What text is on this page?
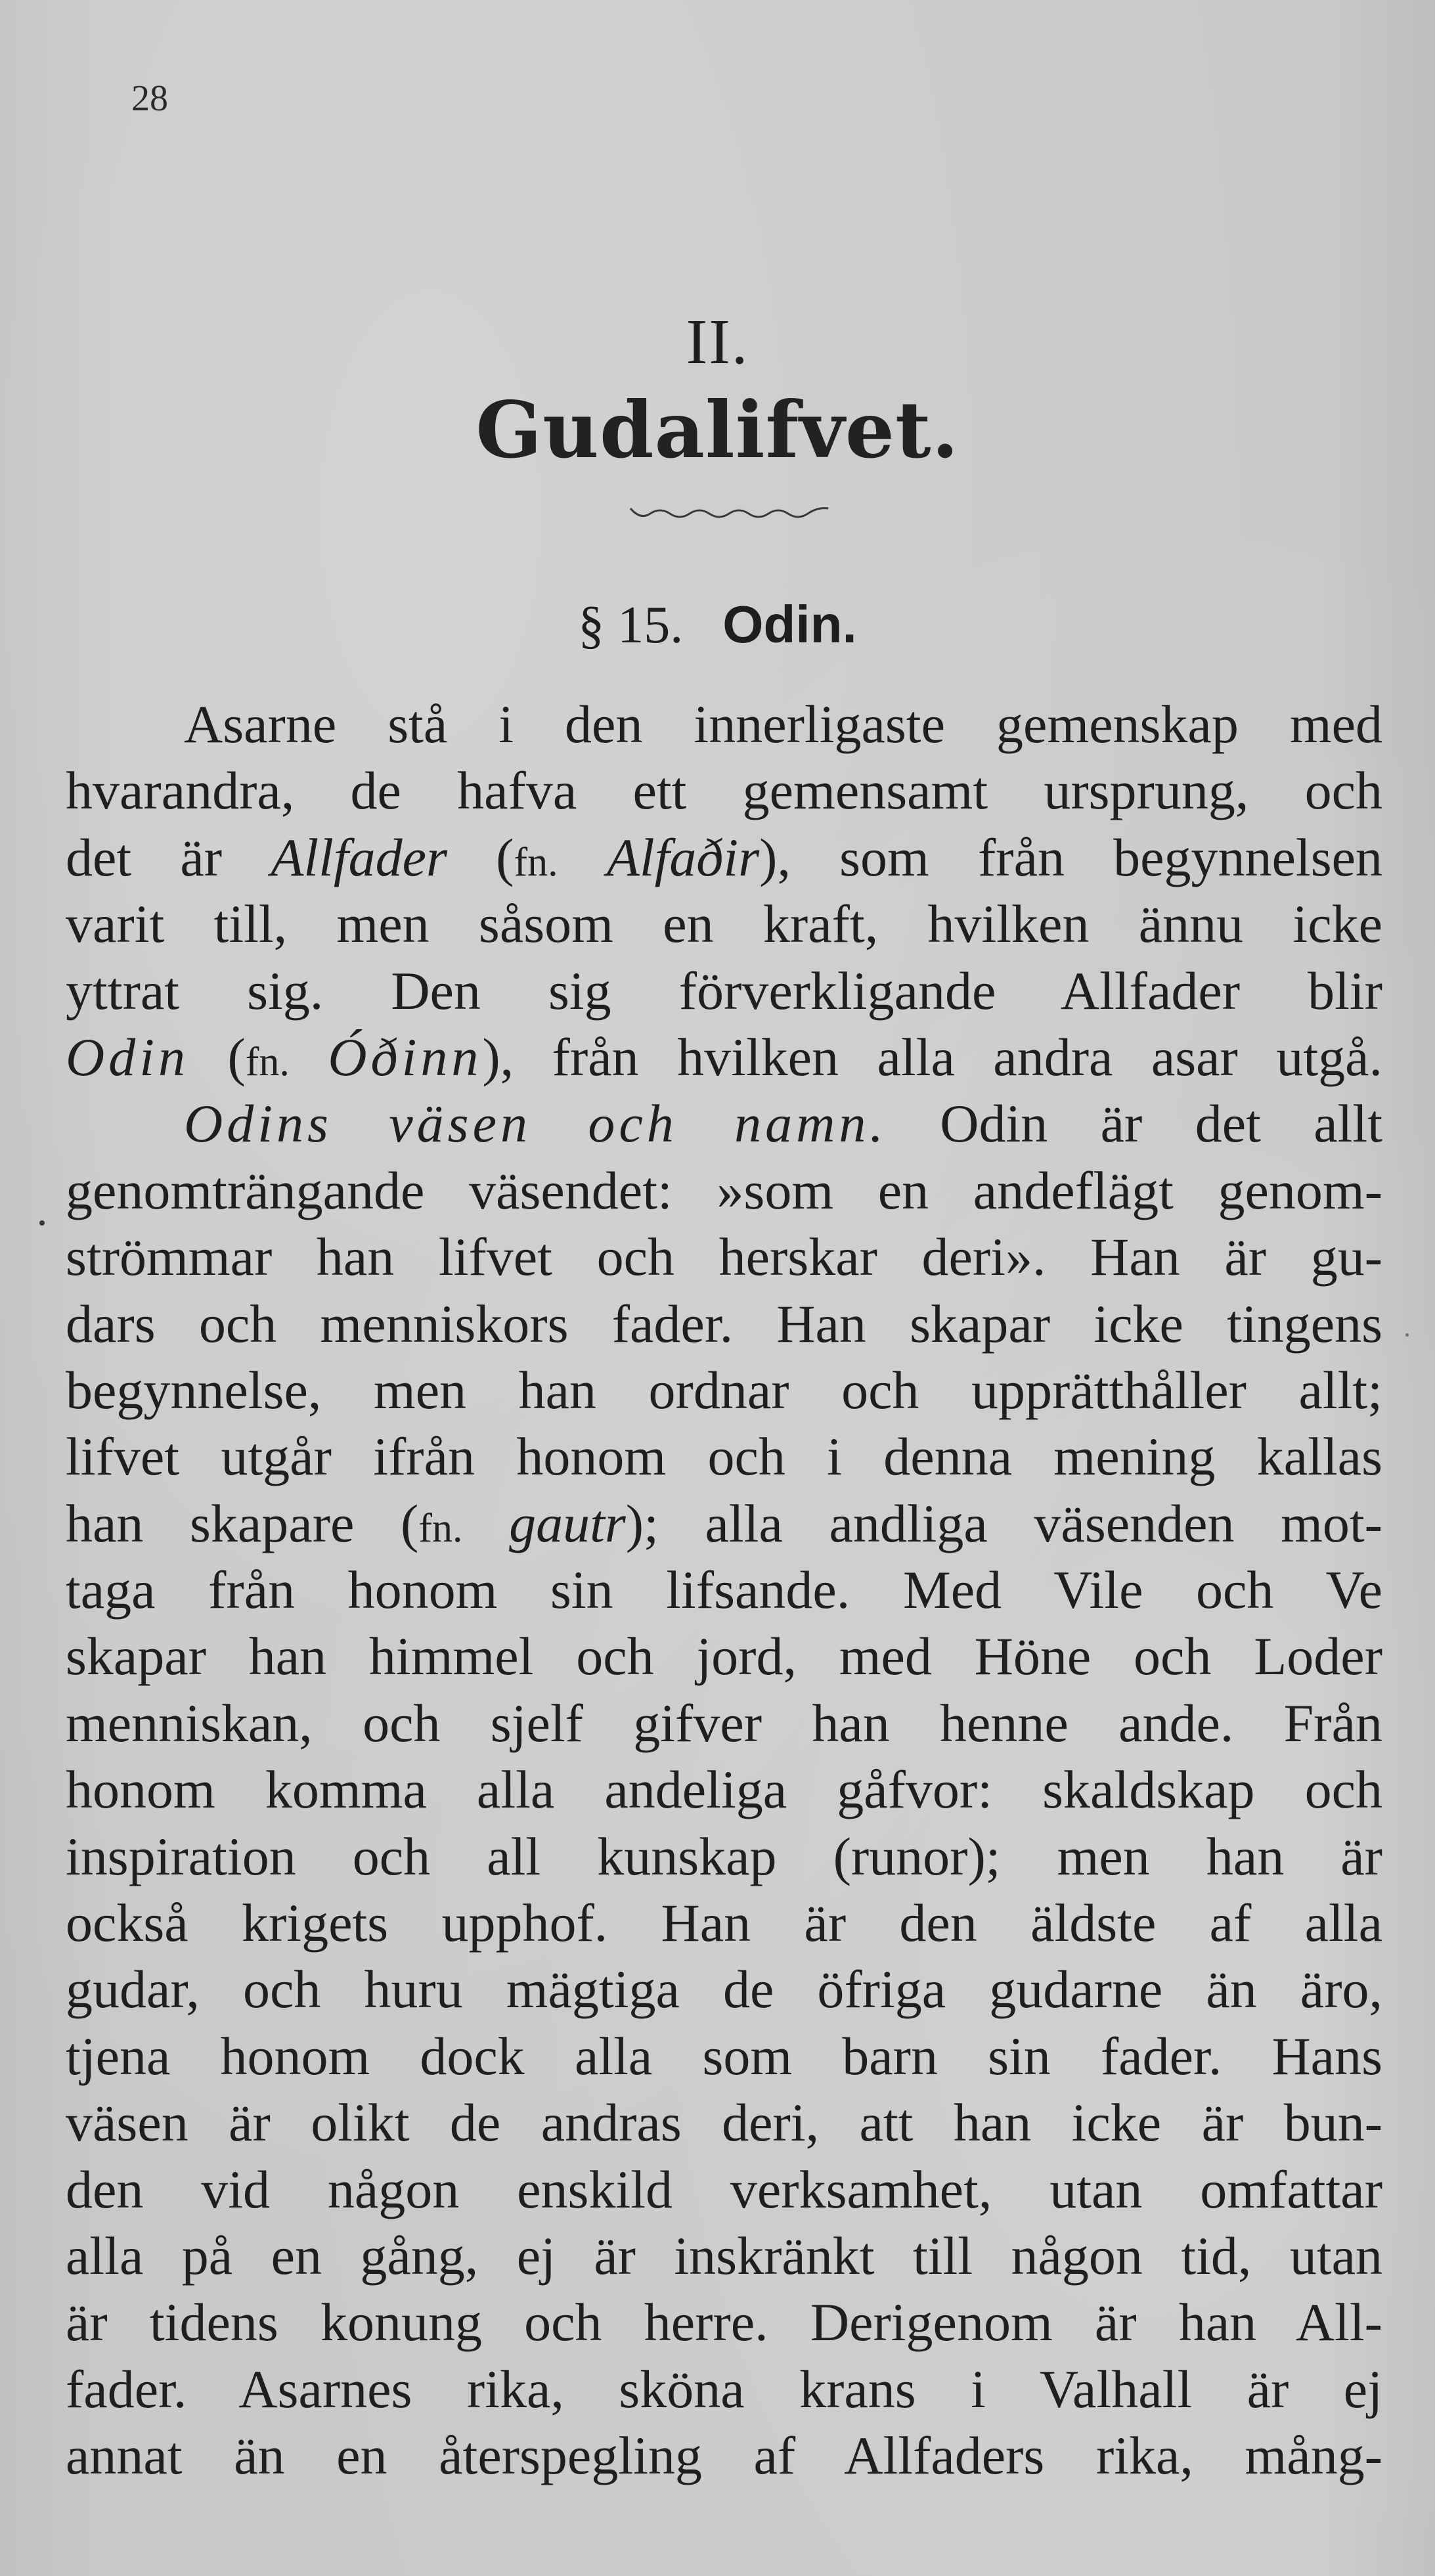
28
II.
Gudalifvet.
§ 15. Odin.
Asarne stå i den innerligaste gemenskap med
hvarandra, de hafva ett gemensamt ursprung, och
det är Allfader (fn. Alfaðir), som från begynnelsen
varit till, men såsom en kraft, hvilken ännu icke
yttrat sig. Den sig förverkligande Allfader blir
Odin (fn. Óðinn), från hvilken alla andra asar utgå.
Odins väsen och namn. Odin är det allt
genomträngande väsendet: »som en andeflägt genom-
strömmar han lifvet och herskar deri». Han är gu-
dars och menniskors fader. Han skapar icke tingens
begynnelse, men han ordnar och upprätthåller allt;
lifvet utgår ifrån honom och i denna mening kallas
han skapare (fn. gautr); alla andliga väsenden mot-
taga från honom sin lifsande. Med Vile och Ve
skapar han himmel och jord, med Höne och Loder
menniskan, och sjelf gifver han henne ande. Från
honom komma alla andeliga gåfvor: skaldskap och
inspiration och all kunskap (runor); men han är
också krigets upphof. Han är den äldste af alla
gudar, och huru mägtiga de öfriga gudarne än äro,
tjena honom dock alla som barn sin fader. Hans
väsen är olikt de andras deri, att han icke är bun-
den vid någon enskild verksamhet, utan omfattar
alla på en gång, ej är inskränkt till någon tid, utan
är tidens konung och herre. Derigenom är han All-
fader. Asarnes rika, sköna krans i Valhall är ej
annat än en återspegling af Allfaders rika, mång-
